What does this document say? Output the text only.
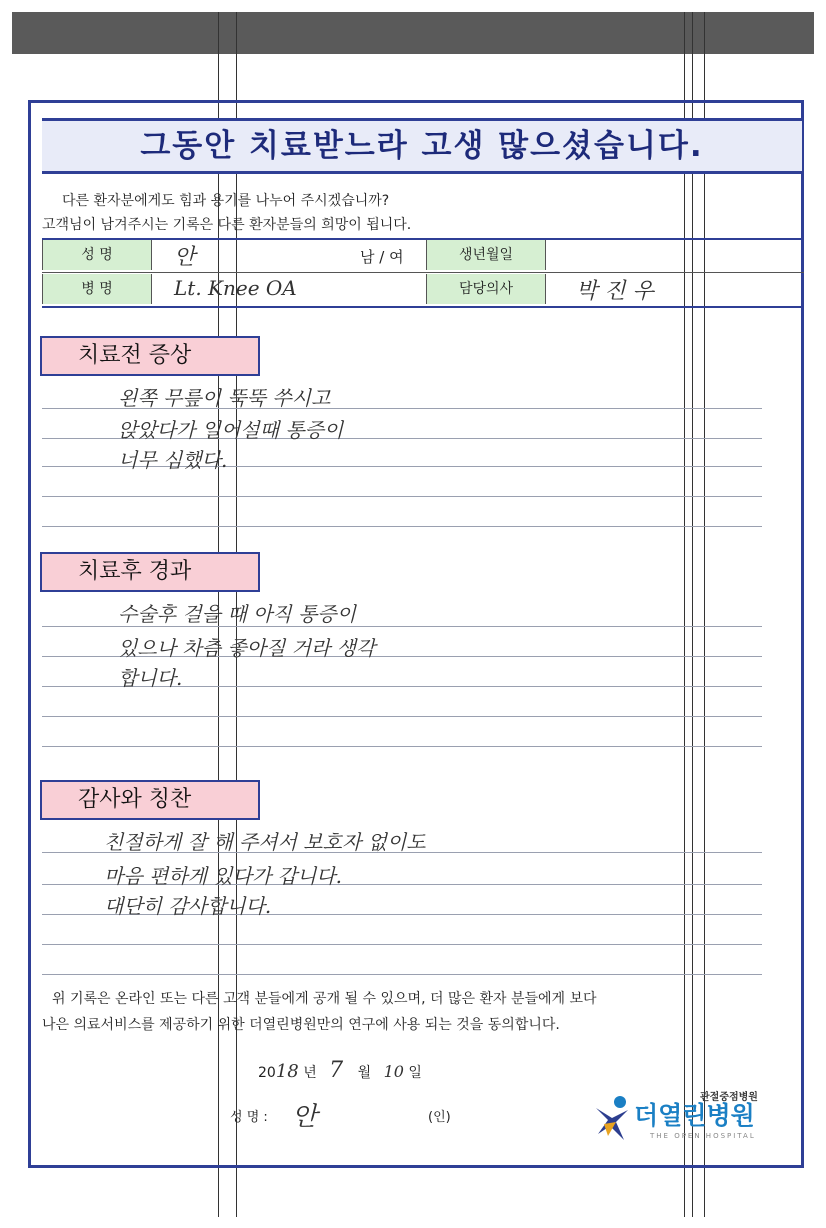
그동안 치료받느라 고생 많으셨습니다.
다른 환자분에게도 힘과 용기를 나누어 주시겠습니까?
고객님이 남겨주시는 기록은 다른 환자분들의 희망이 됩니다.
성 명	안	남 / 여	생년월일
병 명	Lt. Knee OA	담당의사	박 진 우
치료전 증상
왼쪽 무릎이 뚝뚝 쑤시고
앉았다가 일어설때 통증이
너무 심했다.
치료후 경과
수술후 걸을 때 아직 통증이
있으나 차츰 좋아질 거라 생각
합니다.
감사와 칭찬
친절하게 잘 해 주셔서 보호자 없이도
마음 편하게 있다가 갑니다.
대단히 감사합니다.
위 기록은 온라인 또는 다른 고객 분들에게 공개 될 수 있으며, 더 많은 환자 분들에게 보다
나은 의료서비스를 제공하기 위한 더열린병원만의 연구에 사용 되는 것을 동의합니다.
2018 년 7 월 10 일
성 명 : 안	(인)
관절중점병원
더열린병원
THE OPEN HOSPITAL
